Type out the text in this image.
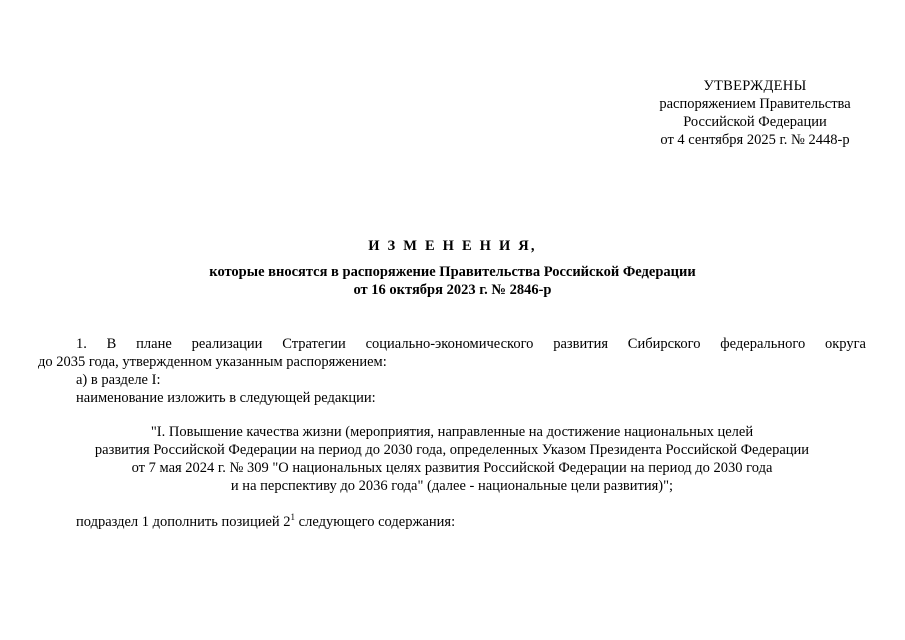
УТВЕРЖДЕНЫ
распоряжением Правительства
Российской Федерации
от 4 сентября 2025 г. № 2448-р
И З М Е Н Е Н И Я,
которые вносятся в распоряжение Правительства Российской Федерации
от 16 октября 2023 г. № 2846-р

1. В плане реализации Стратегии социально-экономического развития Сибирского федерального округа
до 2035 года, утвержденном указанным распоряжением:

а) в разделе I:

наименование изложить в следующей редакции:

"I. Повышение качества жизни (мероприятия, направленные на достижение национальных целей
развития Российской Федерации на период до 2030 года, определенных Указом Президента Российской Федерации
от 7 мая 2024 г. № 309 "О национальных целях развития Российской Федерации на период до 2030 года
и на перспективу до 2036 года" (далее - национальные цели развития)";

подраздел 1 дополнить позицией $2^1$ следующего содержания:
